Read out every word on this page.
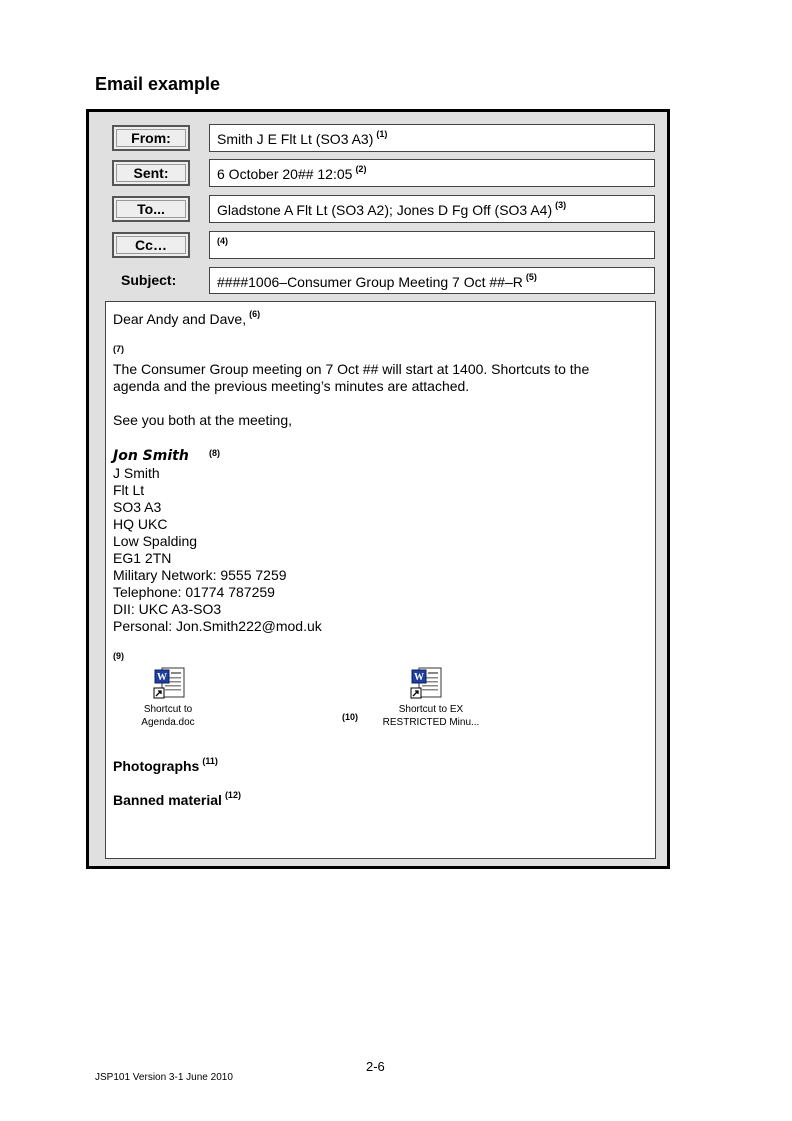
Email example
From:	Smith J E Flt Lt (SO3 A3) $^{(1)}$
Sent:	6 October 20## 12:05 $^{(2)}$
To...	Gladstone A Flt Lt (SO3 A2); Jones D Fg Off (SO3 A4) $^{(3)}$
Cc…	$^{(4)}$
Subject:	####1006–Consumer Group Meeting 7 Oct ##–R $^{(5)}$
Dear Andy and Dave, $^{(6)}$
(7)
The Consumer Group meeting on 7 Oct ## will start at 1400. Shortcuts to the
agenda and the previous meeting’s minutes are attached.
See you both at the meeting,
Jon Smith (8)
J Smith
Flt Lt
SO3 A3
HQ UKC
Low Spalding
EG1 2TN
Military Network: 9555 7259
Telephone: 01774 787259
DII: UKC A3-SO3
Personal: Jon.Smith222@mod.uk
(9)
W
Shortcut to
Agenda.doc	(10)
W
Shortcut to EX
RESTRICTED Minu...
Photographs $^{(11)}$
Banned material $^{(12)}$
2-6
JSP101 Version 3-1 June 2010
